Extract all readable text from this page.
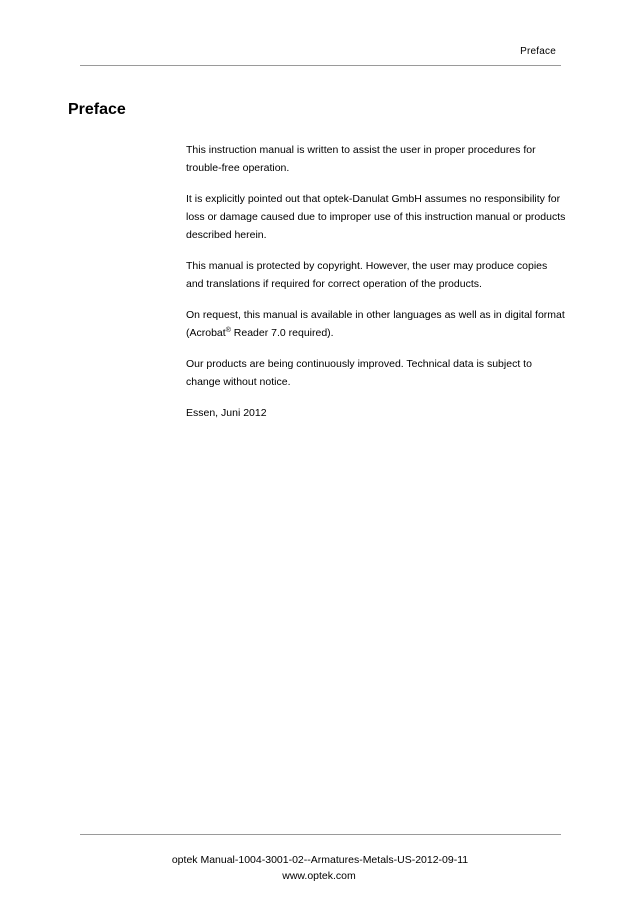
Preface
Preface

This instruction manual is written to assist the user in proper procedures for trouble-free operation.

It is explicitly pointed out that optek-Danulat GmbH assumes no responsibility for loss or damage caused due to improper use of this instruction manual or products described herein.

This manual is protected by copyright. However, the user may produce copies and translations if required for correct operation of the products.

On request, this manual is available in other languages as well as in digital format (Acrobat® Reader 7.0 required).

Our products are being continuously improved. Technical data is subject to change without notice.

Essen, Juni 2012

optek Manual-1004-3001-02--Armatures-Metals-US-2012-09-11
www.optek.com
